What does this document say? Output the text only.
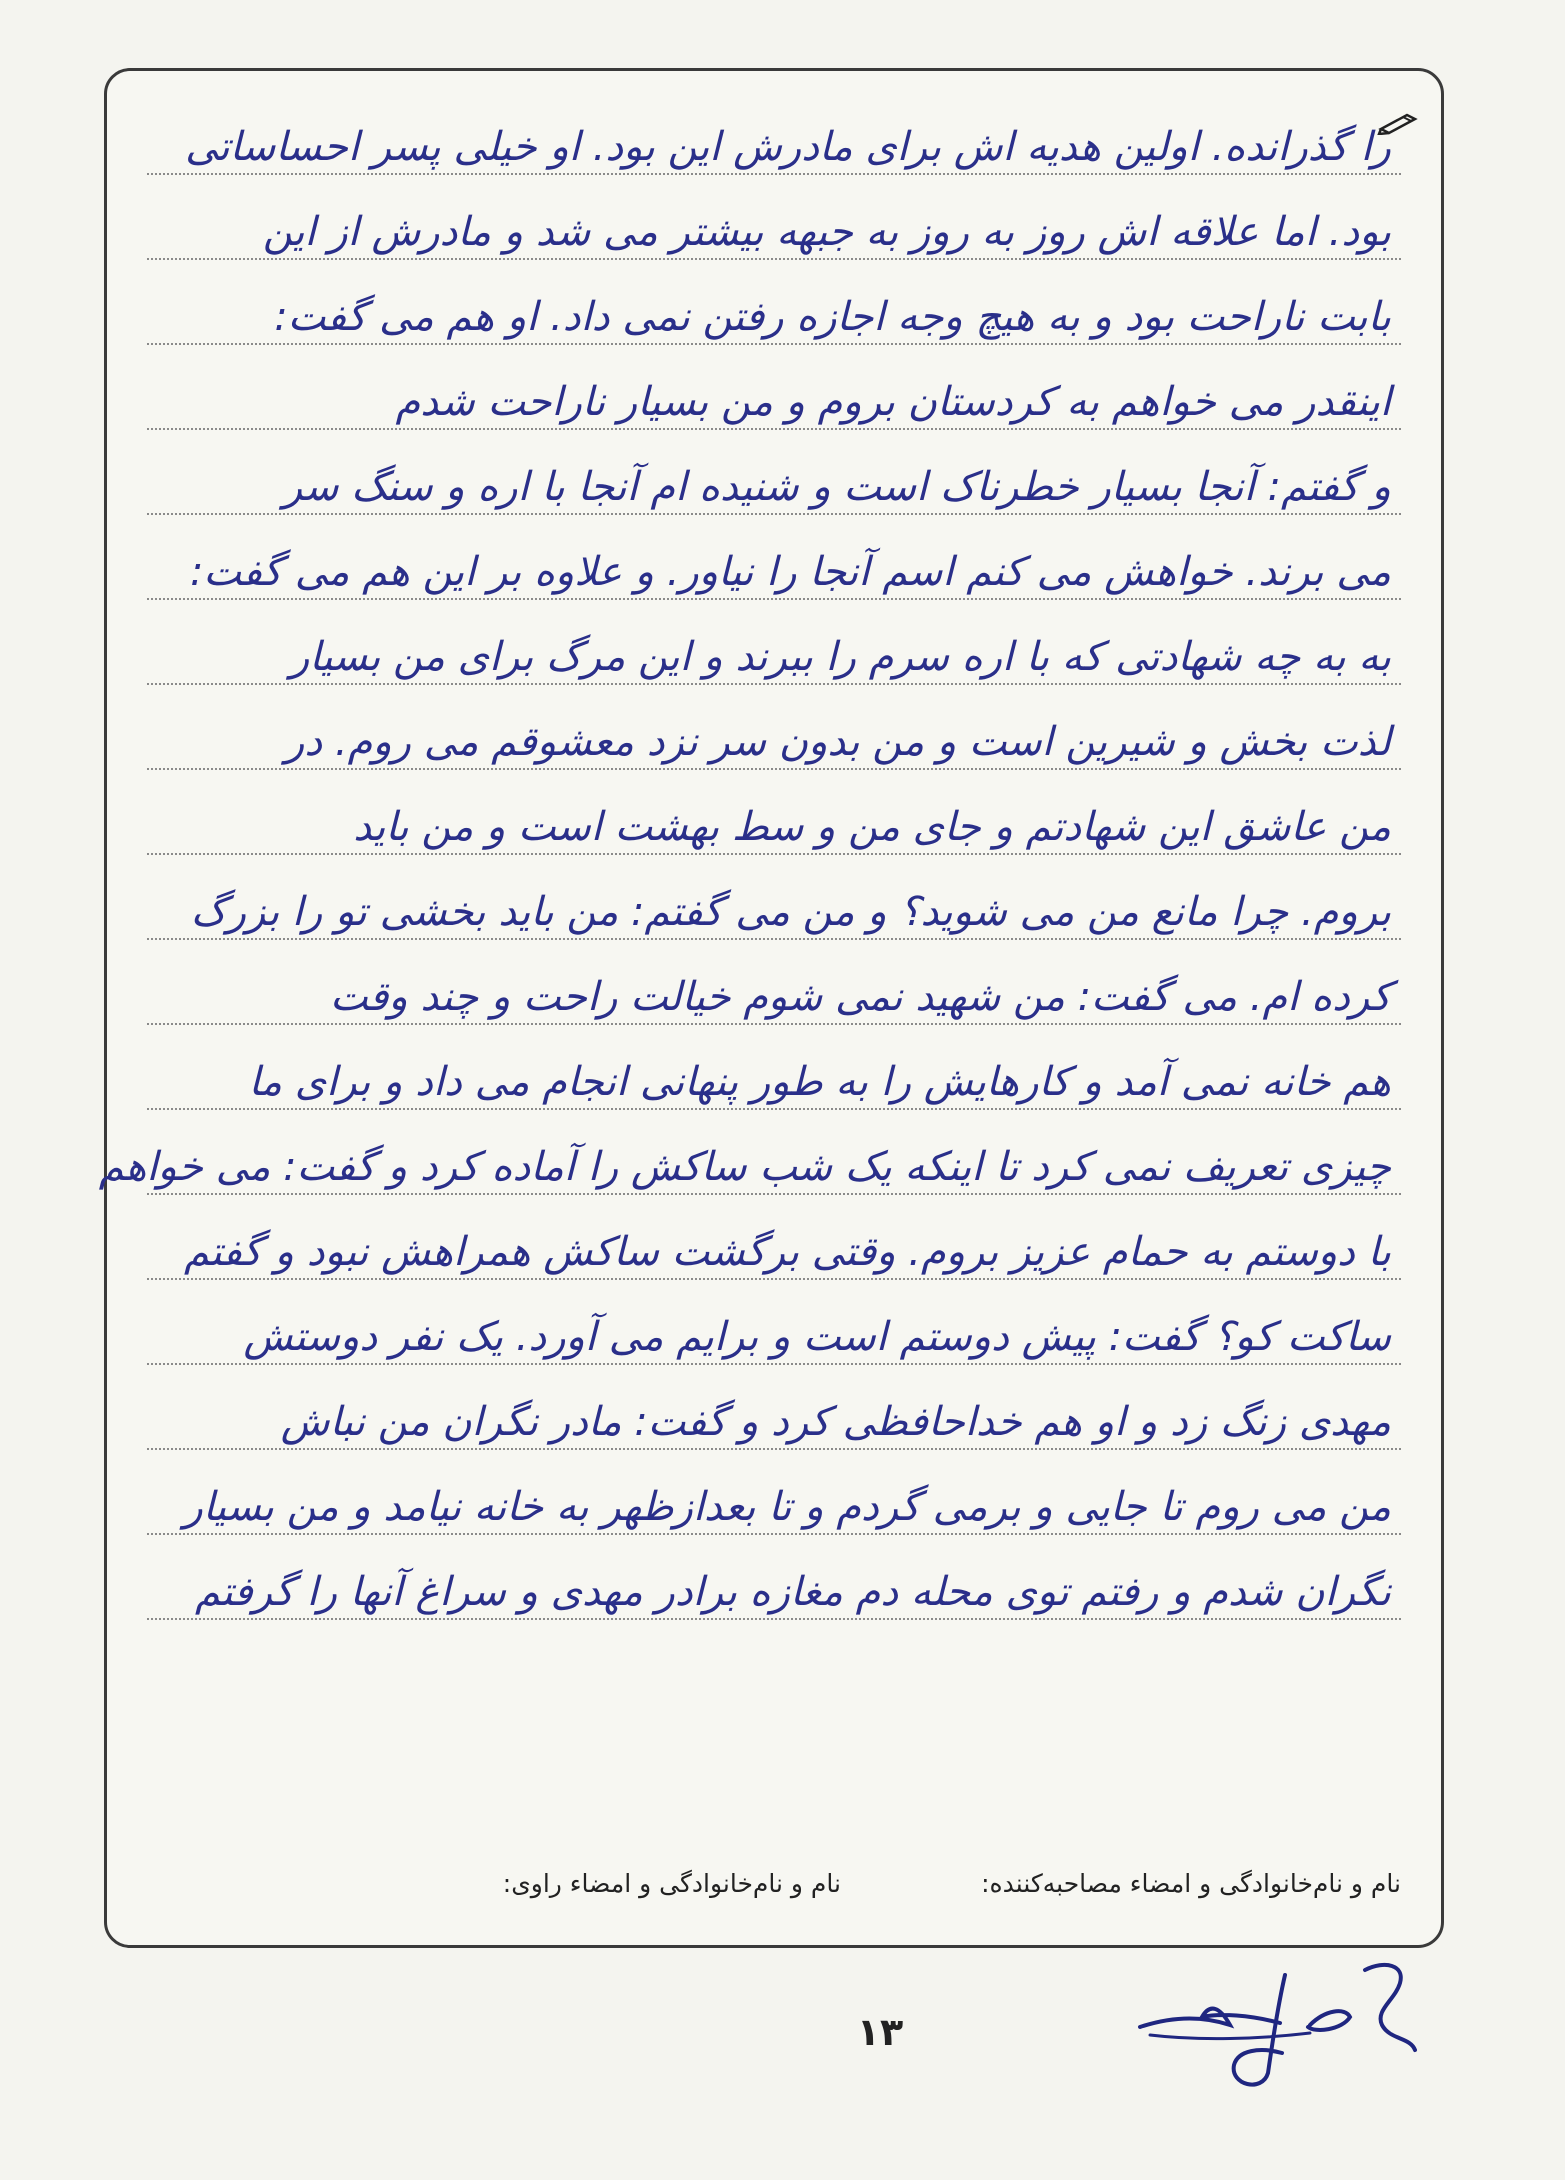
را گذرانده. اولین هدیه اش برای مادرش این بود. او خیلی پسر احساساتی
بود. اما علاقه اش روز به روز به جبهه بیشتر می شد و مادرش از این
بابت ناراحت بود و به هیچ وجه اجازه رفتن نمی داد. او هم می گفت:
اینقدر می خواهم به کردستان بروم و من بسیار ناراحت شدم
و گفتم: آنجا بسیار خطرناک است و شنیده ام آنجا با اره و سنگ سر
می برند. خواهش می کنم اسم آنجا را نیاور. و علاوه بر این هم می گفت:
به به چه شهادتی که با اره سرم را ببرند و این مرگ برای من بسیار
لذت بخش و شیرین است و من بدون سر نزد معشوقم می روم. در
من عاشق این شهادتم و جای من و سط بهشت است و من باید
بروم. چرا مانع من می شوید؟ و من می گفتم: من باید بخشی تو را بزرگ
کرده ام. می گفت: من شهید نمی شوم خیالت راحت و چند وقت
هم خانه نمی آمد و کارهایش را به طور پنهانی انجام می داد و برای ما
چیزی تعریف نمی کرد تا اینکه یک شب ساکش را آماده کرد و گفت: می خواهم
با دوستم به حمام عزیز بروم. وقتی برگشت ساکش همراهش نبود و گفتم
ساکت کو؟ گفت: پیش دوستم است و برایم می آورد. یک نفر دوستش
مهدی زنگ زد و او هم خداحافظی کرد و گفت: مادر نگران من نباش
من می روم تا جایی و برمی گردم و تا بعدازظهر به خانه نیامد و من بسیار
نگران شدم و رفتم توی محله دم مغازه برادر مهدی و سراغ آنها را گرفتم
نام و نام‌خانوادگی و امضاء مصاحبه‌کننده:
نام و نام‌خانوادگی و امضاء راوی:
۱۳
